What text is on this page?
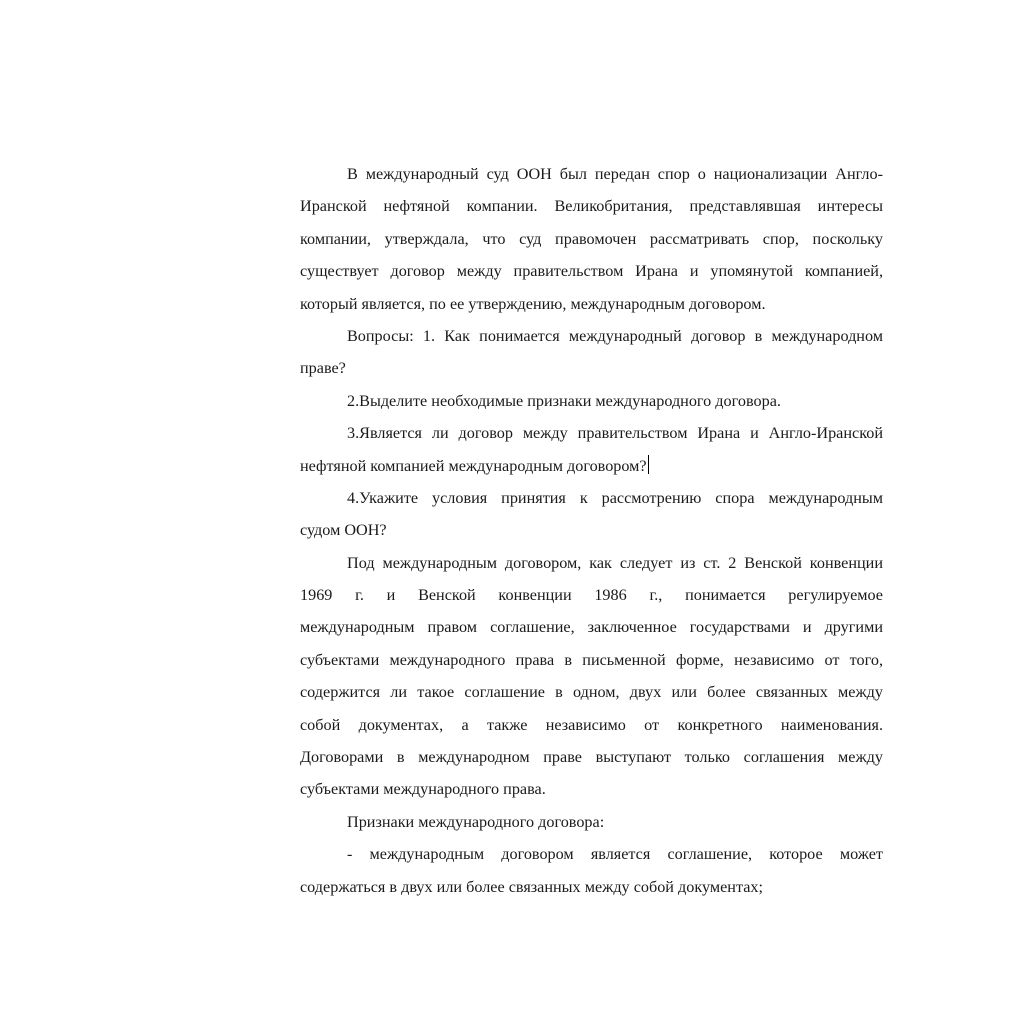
В международный суд ООН был передан спор о национализации Англо-
Иранской нефтяной компании. Великобритания, представлявшая интересы
компании, утверждала, что суд правомочен рассматривать спор, поскольку
существует договор между правительством Ирана и упомянутой компанией,
который является, по ее утверждению, международным договором.
Вопросы: 1. Как понимается международный договор в международном
праве?
2.Выделите необходимые признаки международного договора.
3.Является ли договор между правительством Ирана и Англо-Иранской
нефтяной компанией международным договором?
4.Укажите условия принятия к рассмотрению спора международным
судом ООН?
Под международным договором, как следует из ст. 2 Венской конвенции
1969 г. и Венской конвенции 1986 г., понимается регулируемое
международным правом соглашение, заключенное государствами и другими
субъектами международного права в письменной форме, независимо от того,
содержится ли такое соглашение в одном, двух или более связанных между
собой документах, а также независимо от конкретного наименования.
Договорами в международном праве выступают только соглашения между
субъектами международного права.
Признаки международного договора:
- международным договором является соглашение, которое может
содержаться в двух или более связанных между собой документах;
